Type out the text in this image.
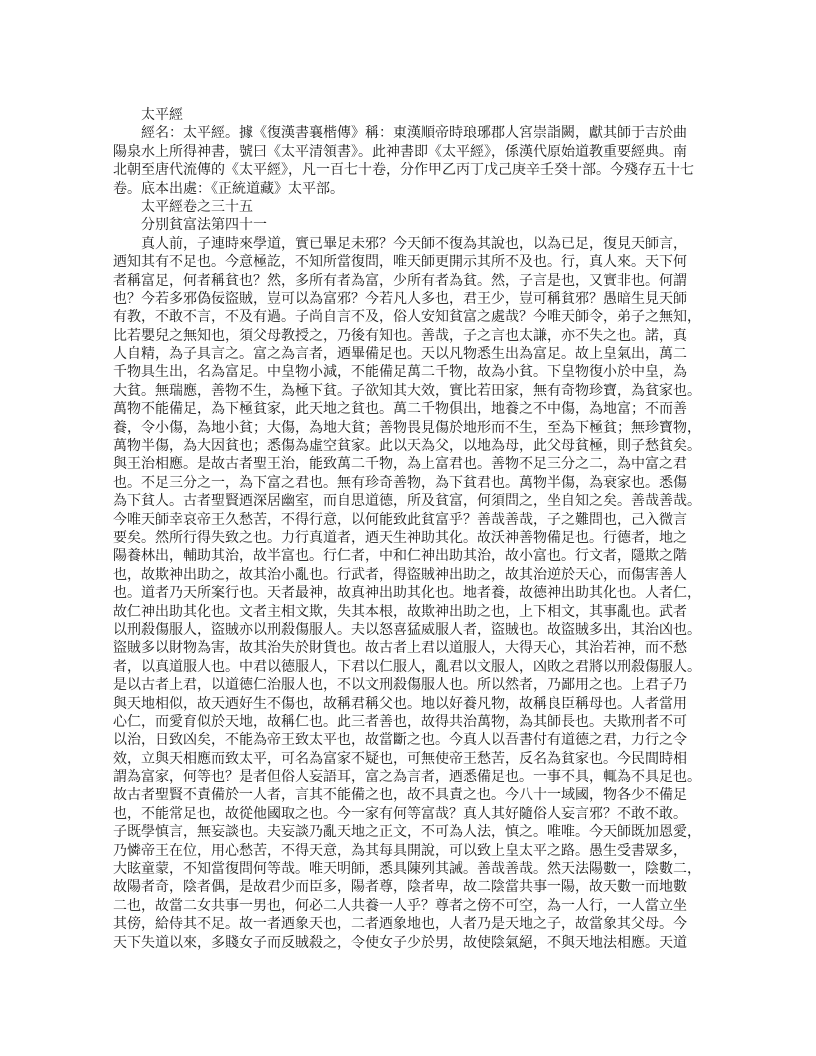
太平經
經名：太平經。據《復漢書襄楷傳》稱：東漢順帝時琅琊郡人宮崇詣闕，獻其師于吉於曲
陽泉水上所得神書，號曰《太平清領書》。此神書即《太平經》，係漢代原始道教重要經典。南
北朝至唐代流傳的《太平經》，凡一百七十卷，分作甲乙丙丁戊己庚辛壬癸十部。今殘存五十七
卷。底本出處：《正統道藏》太平部。
太平經卷之三十五
分別貧富法第四十一
真人前，子連時來學道，實已畢足未邪？今天師不復為其說也，以為已足，復見天師言，
迺知其有不足也。今意極訖，不知所當復問，唯天師更開示其所不及也。行，真人來。天下何
者稱富足，何者稱貧也？然，多所有者為富，少所有者為貧。然，子言是也，又實非也。何謂
也？今若多邪偽佞盜賊，豈可以為富邪？今若凡人多也，君王少，豈可稱貧邪？愚暗生見天師
有教，不敢不言，不及有過。子尚自言不及，俗人安知貧富之處哉？今唯天師令，弟子之無知，
比若嬰兒之無知也，須父母教授之，乃後有知也。善哉，子之言也太謙，亦不失之也。諾，真
人自精，為子具言之。富之為言者，迺畢備足也。天以凡物悉生出為富足。故上皇氣出，萬二
千物具生出，名為富足。中皇物小減，不能備足萬二千物，故為小貧。下皇物復小於中皇，為
大貧。無瑞應，善物不生，為極下貧。子欲知其大效，實比若田家，無有奇物珍寶，為貧家也。
萬物不能備足，為下極貧家，此天地之貧也。萬二千物俱出，地養之不中傷，為地富；不而善
養，令小傷，為地小貧；大傷，為地大貧；善物畏見傷於地形而不生，至為下極貧；無珍寶物，
萬物半傷，為大因貧也；悉傷為虛空貧家。此以天為父，以地為母，此父母貧極，則子愁貧矣。
與王治相應。是故古者聖王治，能致萬二千物，為上富君也。善物不足三分之二，為中富之君
也。不足三分之一，為下富之君也。無有珍奇善物，為下貧君也。萬物半傷，為衰家也。悉傷
為下貧人。古者聖賢迺深居幽室，而自思道德，所及貧富，何須問之，坐自知之矣。善哉善哉。
今唯天師幸哀帝王久愁苦，不得行意，以何能致此貧富乎？善哉善哉，子之難問也，己入微言
要矣。然所行得失致之也。力行真道者，迺天生神助其化。故沃神善物備足也。行德者，地之
陽養林出，輔助其治，故半富也。行仁者，中和仁神出助其治，故小富也。行文者，隱欺之階
也，故欺神出助之，故其治小亂也。行武者，得盜賊神出助之，故其治逆於天心，而傷害善人
也。道者乃天所案行也。天者最神，故真神出助其化也。地者養，故德神出助其化也。人者仁，
故仁神出助其化也。文者主相文欺，失其本根，故欺神出助之也，上下相文，其事亂也。武者
以刑殺傷服人，盜賊亦以刑殺傷服人。夫以怒喜猛威服人者，盜賊也。故盜賊多出，其治凶也。
盜賊多以財物為害，故其治失於財貨也。故古者上君以道服人，大得天心，其治若神，而不愁
者，以真道服人也。中君以德服人，下君以仁服人，亂君以文服人，凶敗之君將以刑殺傷服人。
是以古者上君，以道德仁治服人也，不以文刑殺傷服人也。所以然者，乃鄙用之也。上君子乃
與天地相似，故天迺好生不傷也，故稱君稱父也。地以好養凡物，故稱良臣稱母也。人者當用
心仁，而愛育似於天地，故稱仁也。此三者善也，故得共治萬物，為其師長也。夫欺刑者不可
以治，日致凶矣，不能為帝王致太平也，故當斷之也。今真人以吾書付有道德之君，力行之令
效，立與天相應而致太平，可名為富家不疑也，可無使帝王愁苦，反名為貧家也。今民間時相
謂為富家，何等也？是者但俗人妄語耳，富之為言者，迺悉備足也。一事不具，輒為不具足也。
故古者聖賢不責備於一人者，言其不能備之也，故不具責之也。今八十一域國，物各少不備足
也，不能常足也，故從他國取之也。今一家有何等富哉？真人其好隨俗人妄言邪？不敢不敢。
子既學慎言，無妄談也。夫妄談乃亂天地之正文，不可為人法，慎之。唯唯。今天師既加恩愛，
乃憐帝王在位，用心愁苦，不得天意，為其每具開說，可以致上皇太平之路。愚生受書眾多，
大眩童蒙，不知當復問何等哉。唯天明師，悉具陳列其誡。善哉善哉。然天法陽數一，陰數二，
故陽者奇，陰者偶，是故君少而臣多，陽者尊，陰者卑，故二陰當共事一陽，故天數一而地數
二也，故當二女共事一男也，何必二人共養一人乎？尊者之傍不可空，為一人行，一人當立坐
其傍，給侍其不足。故一者迺象天也，二者迺象地也，人者乃是天地之子，故當象其父母。今
天下失道以來，多賤女子而反賊殺之，令使女子少於男，故使陰氣絕，不與天地法相應。天道
